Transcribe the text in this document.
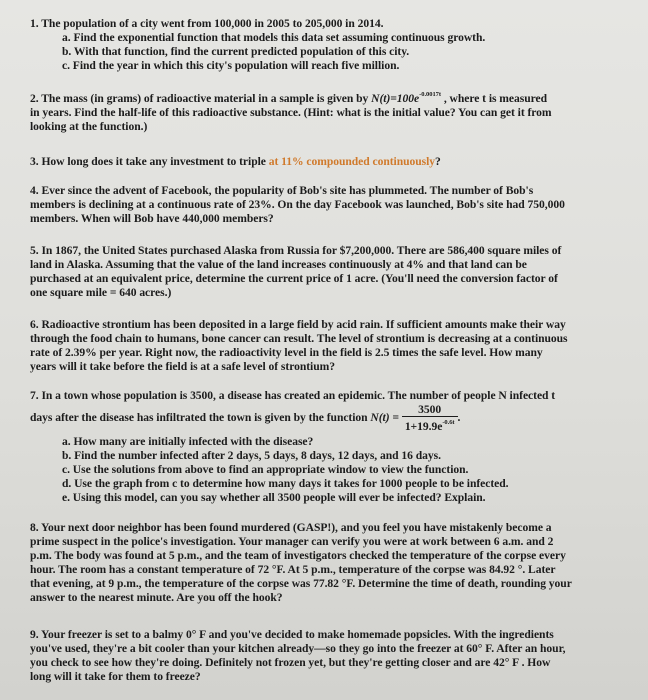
1. The population of a city went from 100,000 in 2005 to 205,000 in 2014.

a. Find the exponential function that models this data set assuming continuous growth.

b. With that function, find the current predicted population of this city.

c. Find the year in which this city's population will reach five million.

2. The mass (in grams) of radioactive material in a sample is given by $N(t)=100e^{-0.0017t}$ , where t is measured

in years. Find the half-life of this radioactive substance. (Hint: what is the initial value? You can get it from

looking at the function.)

3. How long does it take any investment to triple at 11% compounded continuously?

4. Ever since the advent of Facebook, the popularity of Bob's site has plummeted. The number of Bob's

members is declining at a continuous rate of 23%. On the day Facebook was launched, Bob's site had 750,000

members. When will Bob have 440,000 members?

5. In 1867, the United States purchased Alaska from Russia for $7,200,000. There are 586,400 square miles of

land in Alaska. Assuming that the value of the land increases continuously at 4% and that land can be

purchased at an equivalent price, determine the current price of 1 acre. (You'll need the conversion factor of

one square mile = 640 acres.)

6. Radioactive strontium has been deposited in a large field by acid rain. If sufficient amounts make their way

through the food chain to humans, bone cancer can result. The level of strontium is decreasing at a continuous

rate of 2.39% per year. Right now, the radioactivity level in the field is 2.5 times the safe level. How many

years will it take before the field is at a safe level of strontium?

7. In a town whose population is 3500, a disease has created an epidemic. The number of people N infected t

days after the disease has infiltrated the town is given by the function $N(t) = \frac{3500}{1+19.9e^{-0.6t}}$ .

a. How many are initially infected with the disease?

b. Find the number infected after 2 days, 5 days, 8 days, 12 days, and 16 days.

c. Use the solutions from above to find an appropriate window to view the function.

d. Use the graph from c to determine how many days it takes for 1000 people to be infected.

e. Using this model, can you say whether all 3500 people will ever be infected? Explain.

8. Your next door neighbor has been found murdered (GASP!), and you feel you have mistakenly become a

prime suspect in the police's investigation. Your manager can verify you were at work between 6 a.m. and 2

p.m. The body was found at 5 p.m., and the team of investigators checked the temperature of the corpse every

hour. The room has a constant temperature of 72 °F. At 5 p.m., temperature of the corpse was 84.92 °. Later

that evening, at 9 p.m., the temperature of the corpse was 77.82 °F. Determine the time of death, rounding your

answer to the nearest minute. Are you off the hook?

9. Your freezer is set to a balmy 0° F and you've decided to make homemade popsicles. With the ingredients

you've used, they're a bit cooler than your kitchen already—so they go into the freezer at 60° F. After an hour,

you check to see how they're doing. Definitely not frozen yet, but they're getting closer and are 42° F . How

long will it take for them to freeze?
